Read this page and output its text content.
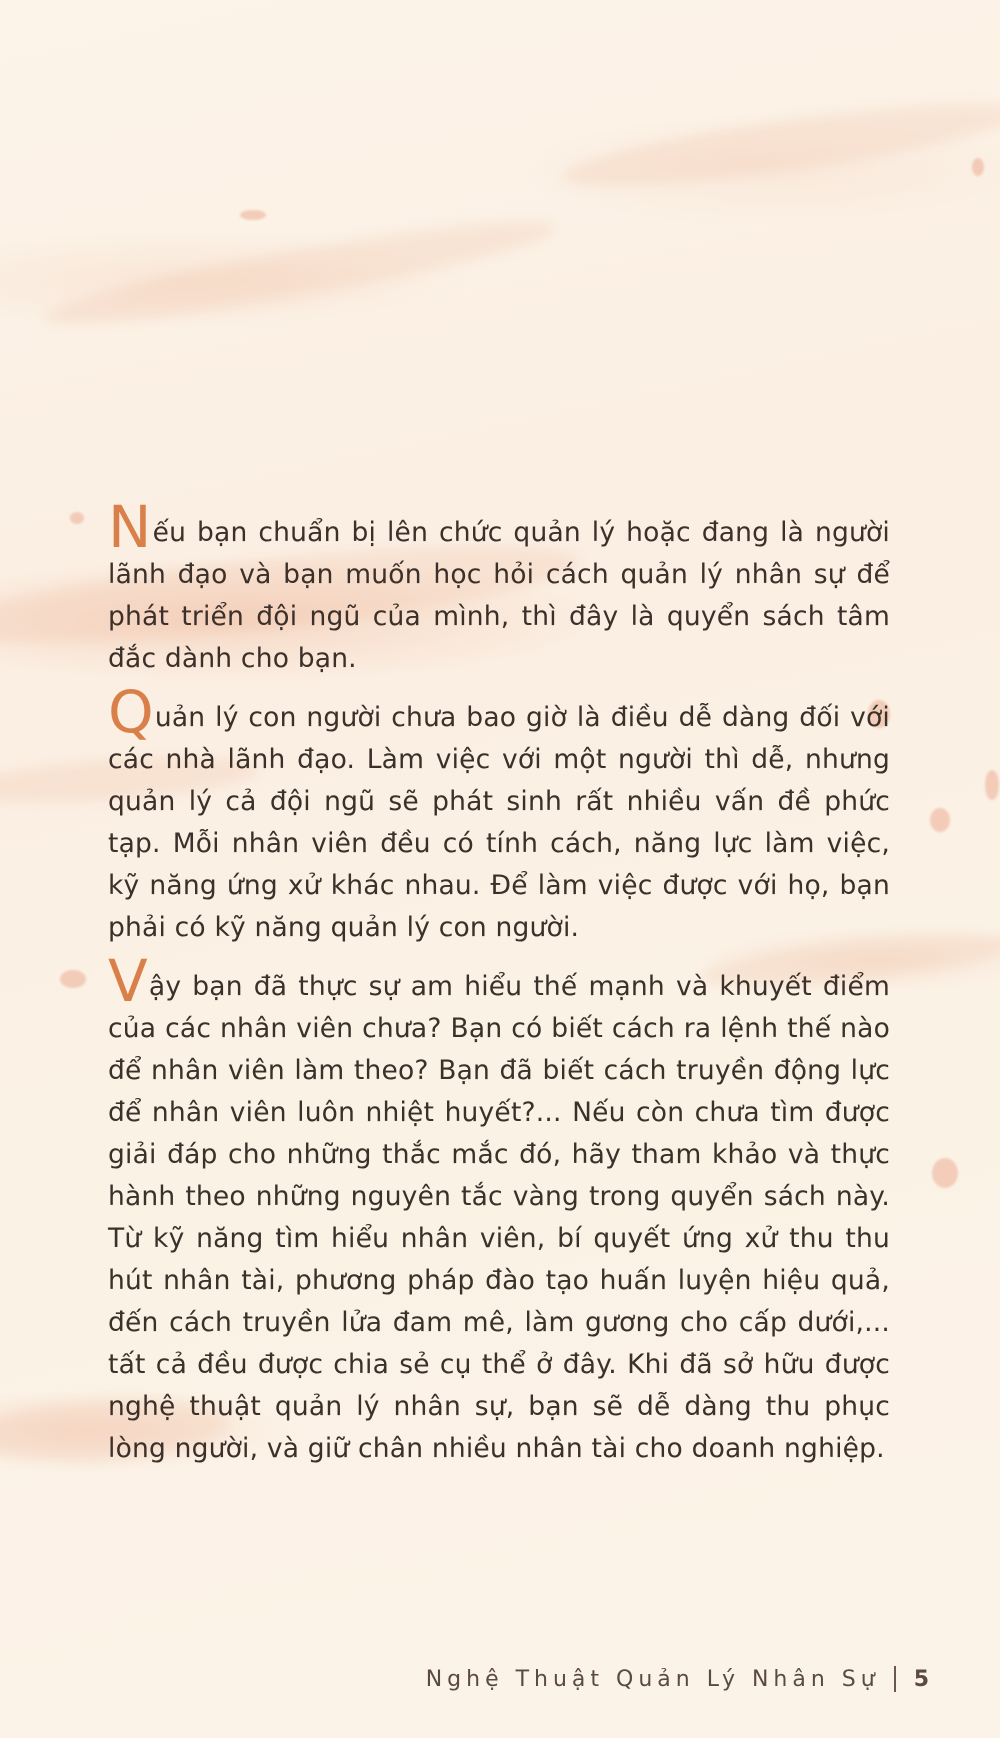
Nếu bạn chuẩn bị lên chức quản lý hoặc đang là người lãnh đạo và bạn muốn học hỏi cách quản lý nhân sự để phát triển đội ngũ của mình, thì đây là quyển sách tâm đắc dành cho bạn.

Quản lý con người chưa bao giờ là điều dễ dàng đối với các nhà lãnh đạo. Làm việc với một người thì dễ, nhưng quản lý cả đội ngũ sẽ phát sinh rất nhiều vấn đề phức tạp. Mỗi nhân viên đều có tính cách, năng lực làm việc, kỹ năng ứng xử khác nhau. Để làm việc được với họ, bạn phải có kỹ năng quản lý con người.

Vậy bạn đã thực sự am hiểu thế mạnh và khuyết điểm của các nhân viên chưa? Bạn có biết cách ra lệnh thế nào để nhân viên làm theo? Bạn đã biết cách truyền động lực để nhân viên luôn nhiệt huyết?... Nếu còn chưa tìm được giải đáp cho những thắc mắc đó, hãy tham khảo và thực hành theo những nguyên tắc vàng trong quyển sách này. Từ kỹ năng tìm hiểu nhân viên, bí quyết ứng xử thu thu hút nhân tài, phương pháp đào tạo huấn luyện hiệu quả, đến cách truyền lửa đam mê, làm gương cho cấp dưới,... tất cả đều được chia sẻ cụ thể ở đây. Khi đã sở hữu được nghệ thuật quản lý nhân sự, bạn sẽ dễ dàng thu phục lòng người, và giữ chân nhiều nhân tài cho doanh nghiệp.

Nghệ Thuật Quản Lý Nhân Sự 5
